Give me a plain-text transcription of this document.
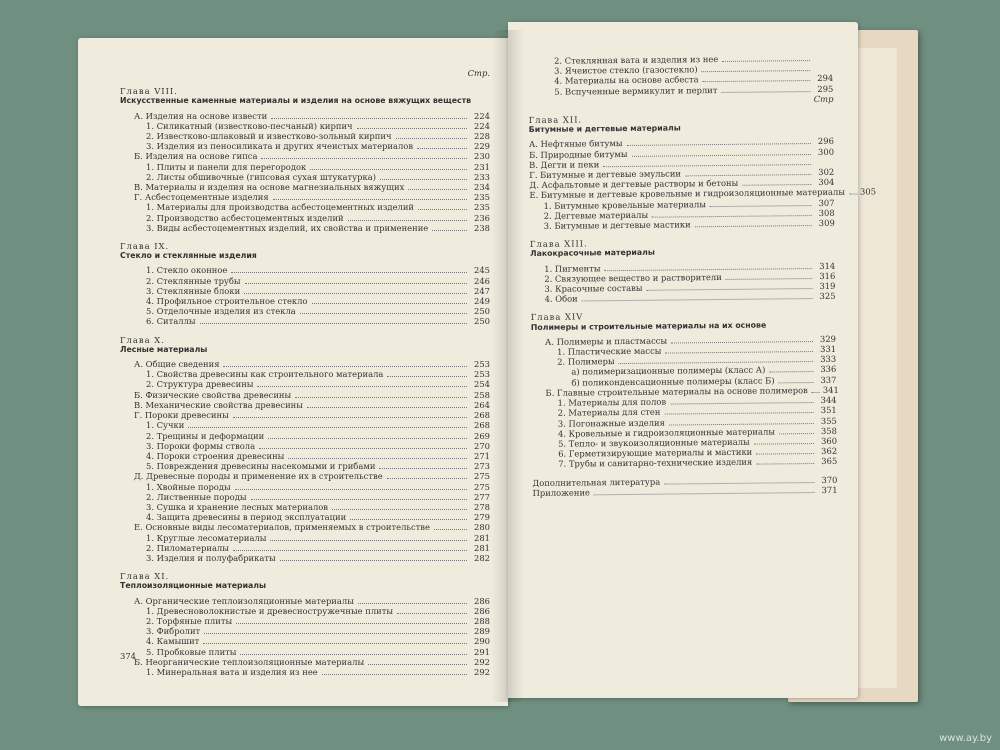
Стр.
Глава VIII.
Искусственные каменные материалы и изделия на основе вяжущих веществ
А. Изделия на основе извести	224
1. Силикатный (известково-песчаный) кирпич	224
2. Известково-шлаковый и известково-зольный кирпич	228
3. Изделия из пеносиликата и других ячеистых материалов	229
Б. Изделия на основе гипса	230
1. Плиты и панели для перегородок	231
2. Листы обшивочные (гипсовая сухая штукатурка)	233
В. Материалы и изделия на основе магнезиальных вяжущих	234
Г. Асбестоцементные изделия	235
1. Материалы для производства асбестоцементных изделий	235
2. Производство асбестоцементных изделий	236
3. Виды асбестоцементных изделий, их свойства и применение	238
Глава IX.
Стекло и стеклянные изделия
1. Стекло оконное	245
2. Стеклянные трубы	246
3. Стеклянные блоки	247
4. Профильное строительное стекло	249
5. Отделочные изделия из стекла	250
6. Ситаллы	250
Глава X.
Лесные материалы
А. Общие сведения	253
1. Свойства древесины как строительного материала	253
2. Структура древесины	254
Б. Физические свойства древесины	258
В. Механические свойства древесины	264
Г. Пороки древесины	268
1. Сучки	268
2. Трещины и деформации	269
3. Пороки формы ствола	270
4. Пороки строения древесины	271
5. Повреждения древесины насекомыми и грибами	273
Д. Древесные породы и применение их в строительстве	275
1. Хвойные породы	275
2. Лиственные породы	277
3. Сушка и хранение лесных материалов	278
4. Защита древесины в период эксплуатации	279
Е. Основные виды лесоматериалов, применяемых в строительстве	280
1. Круглые лесоматериалы	281
2. Пиломатериалы	281
3. Изделия и полуфабрикаты	282
Глава XI.
Теплоизоляционные материалы
А. Органические теплоизоляционные материалы	286
1. Древесноволокнистые и древесностружечные плиты	286
2. Торфяные плиты	288
3. Фибролит	289
4. Камышит	290
5. Пробковые плиты	291
Б. Неорганические теплоизоляционные материалы	292
1. Минеральная вата и изделия из нее	292
2. Стеклянная вата и изделия из нее
3. Ячеистое стекло (газостекло)
4. Материалы на основе асбеста	294
5. Вспученные вермикулит и перлит	295
Стр
Глава XII.
Битумные и дегтевые материалы
А. Нефтяные битумы	296
Б. Природные битумы	300
В. Дегти и пеки
Г. Битумные и дегтевые эмульсии	302
Д. Асфальтовые и дегтевые растворы и бетоны	304
Е. Битумные и дегтевые кровельные и гидроизоляционные материалы 305
1. Битумные кровельные материалы	307
2. Дегтевые материалы	308
3. Битумные и дегтевые мастики	309
Глава XIII.
Лакокрасочные материалы
1. Пигменты	314
2. Связующее вещество и растворители	316
3. Красочные составы	319
4. Обои	325
Глава XIV
Полимеры и строительные материалы на их основе
А. Полимеры и пластмассы	329
1. Пластические массы	331
2. Полимеры	333
а) полимеризационные полимеры (класс А)	336
б) поликонденсационные полимеры (класс Б)	337
Б. Главные строительные материалы на основе полимеров 341
1. Материалы для полов	344
2. Материалы для стен	351
3. Погонажные изделия	355
4. Кровельные и гидроизоляционные материалы	358
5. Тепло- и звукоизоляционные материалы	360
6. Герметизирующие материалы и мастики	362
7. Трубы и санитарно-технические изделия	365
Дополнительная литература	370
Приложение	371
374
www.ay.by
